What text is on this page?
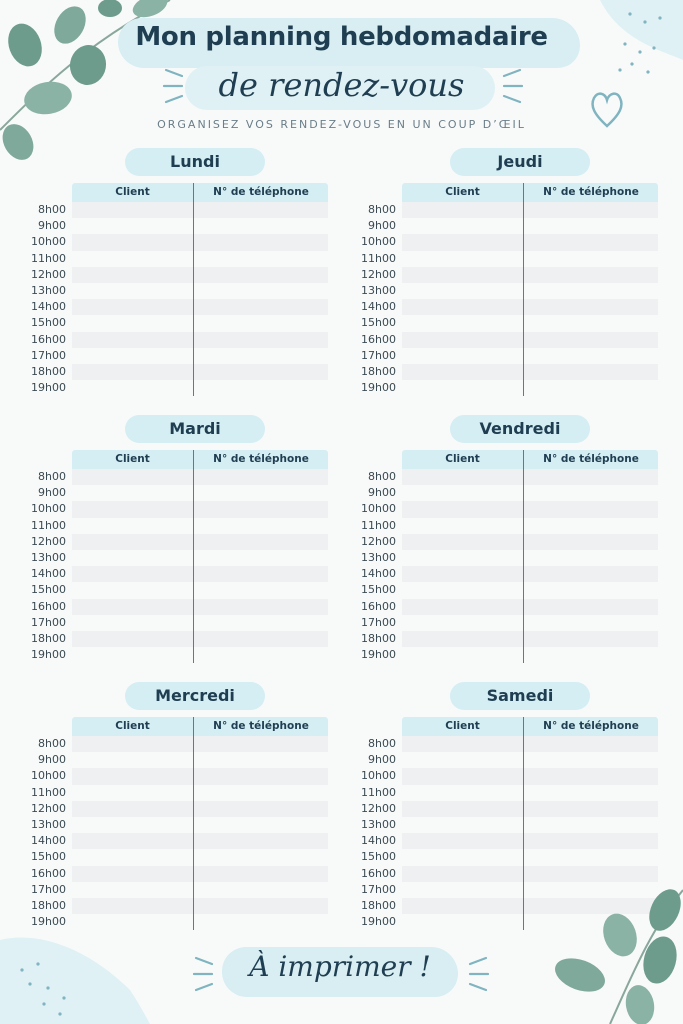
Mon planning hebdomadaire
de rendez-vous
ORGANISEZ VOS RENDEZ-VOUS EN UN COUP D’ŒIL
Lundi
Client	N° de téléphone
8h00
9h00
10h00
11h00
12h00
13h00
14h00
15h00
16h00
17h00
18h00
19h00
Jeudi
Client	N° de téléphone
8h00
9h00
10h00
11h00
12h00
13h00
14h00
15h00
16h00
17h00
18h00
19h00
Mardi
Client	N° de téléphone
8h00
9h00
10h00
11h00
12h00
13h00
14h00
15h00
16h00
17h00
18h00
19h00
Vendredi
Client	N° de téléphone
8h00
9h00
10h00
11h00
12h00
13h00
14h00
15h00
16h00
17h00
18h00
19h00
Mercredi
Client	N° de téléphone
8h00
9h00
10h00
11h00
12h00
13h00
14h00
15h00
16h00
17h00
18h00
19h00
Samedi
Client	N° de téléphone
8h00
9h00
10h00
11h00
12h00
13h00
14h00
15h00
16h00
17h00
18h00
19h00
À imprimer !
